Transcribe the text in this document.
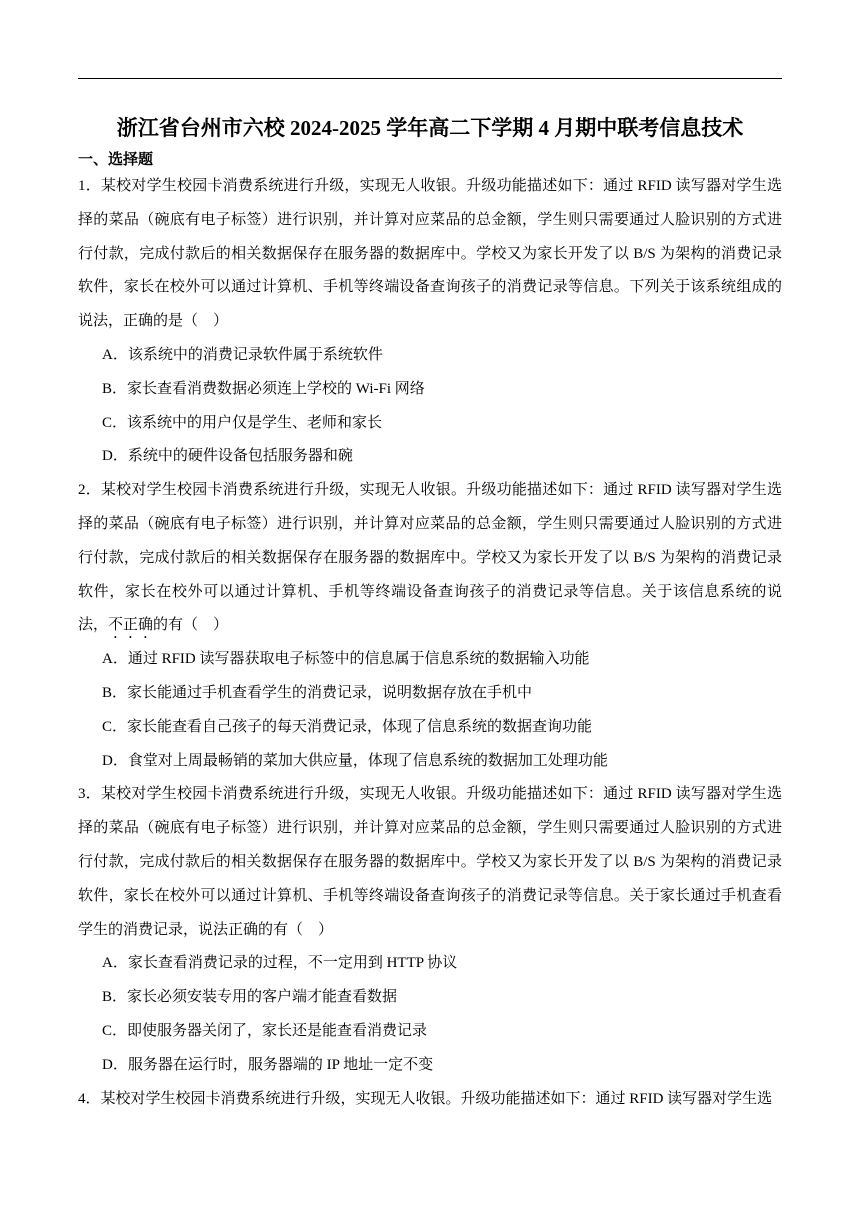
浙江省台州市六校 2024-2025 学年高二下学期 4 月期中联考信息技术
一、选择题

1．某校对学生校园卡消费系统进行升级，实现无人收银。升级功能描述如下：通过 RFID 读写器对学生选择的菜品（碗底有电子标签）进行识别，并计算对应菜品的总金额，学生则只需要通过人脸识别的方式进行付款，完成付款后的相关数据保存在服务器的数据库中。学校又为家长开发了以 B/S 为架构的消费记录软件，家长在校外可以通过计算机、手机等终端设备查询孩子的消费记录等信息。下列关于该系统组成的说法，正确的是（　）

A．该系统中的消费记录软件属于系统软件

B．家长查看消费数据必须连上学校的 Wi-Fi 网络

C．该系统中的用户仅是学生、老师和家长

D．系统中的硬件设备包括服务器和碗

2．某校对学生校园卡消费系统进行升级，实现无人收银。升级功能描述如下：通过 RFID 读写器对学生选择的菜品（碗底有电子标签）进行识别，并计算对应菜品的总金额，学生则只需要通过人脸识别的方式进行付款，完成付款后的相关数据保存在服务器的数据库中。学校又为家长开发了以 B/S 为架构的消费记录软件，家长在校外可以通过计算机、手机等终端设备查询孩子的消费记录等信息。关于该信息系统的说法，不正确的有（　）

A．通过 RFID 读写器获取电子标签中的信息属于信息系统的数据输入功能

B．家长能通过手机查看学生的消费记录，说明数据存放在手机中

C．家长能查看自己孩子的每天消费记录，体现了信息系统的数据查询功能

D．食堂对上周最畅销的菜加大供应量，体现了信息系统的数据加工处理功能

3．某校对学生校园卡消费系统进行升级，实现无人收银。升级功能描述如下：通过 RFID 读写器对学生选择的菜品（碗底有电子标签）进行识别，并计算对应菜品的总金额，学生则只需要通过人脸识别的方式进行付款，完成付款后的相关数据保存在服务器的数据库中。学校又为家长开发了以 B/S 为架构的消费记录软件，家长在校外可以通过计算机、手机等终端设备查询孩子的消费记录等信息。关于家长通过手机查看学生的消费记录，说法正确的有（　）

A．家长查看消费记录的过程，不一定用到 HTTP 协议

B．家长必须安装专用的客户端才能查看数据

C．即使服务器关闭了，家长还是能查看消费记录

D．服务器在运行时，服务器端的 IP 地址一定不变

4．某校对学生校园卡消费系统进行升级，实现无人收银。升级功能描述如下：通过 RFID 读写器对学生选
